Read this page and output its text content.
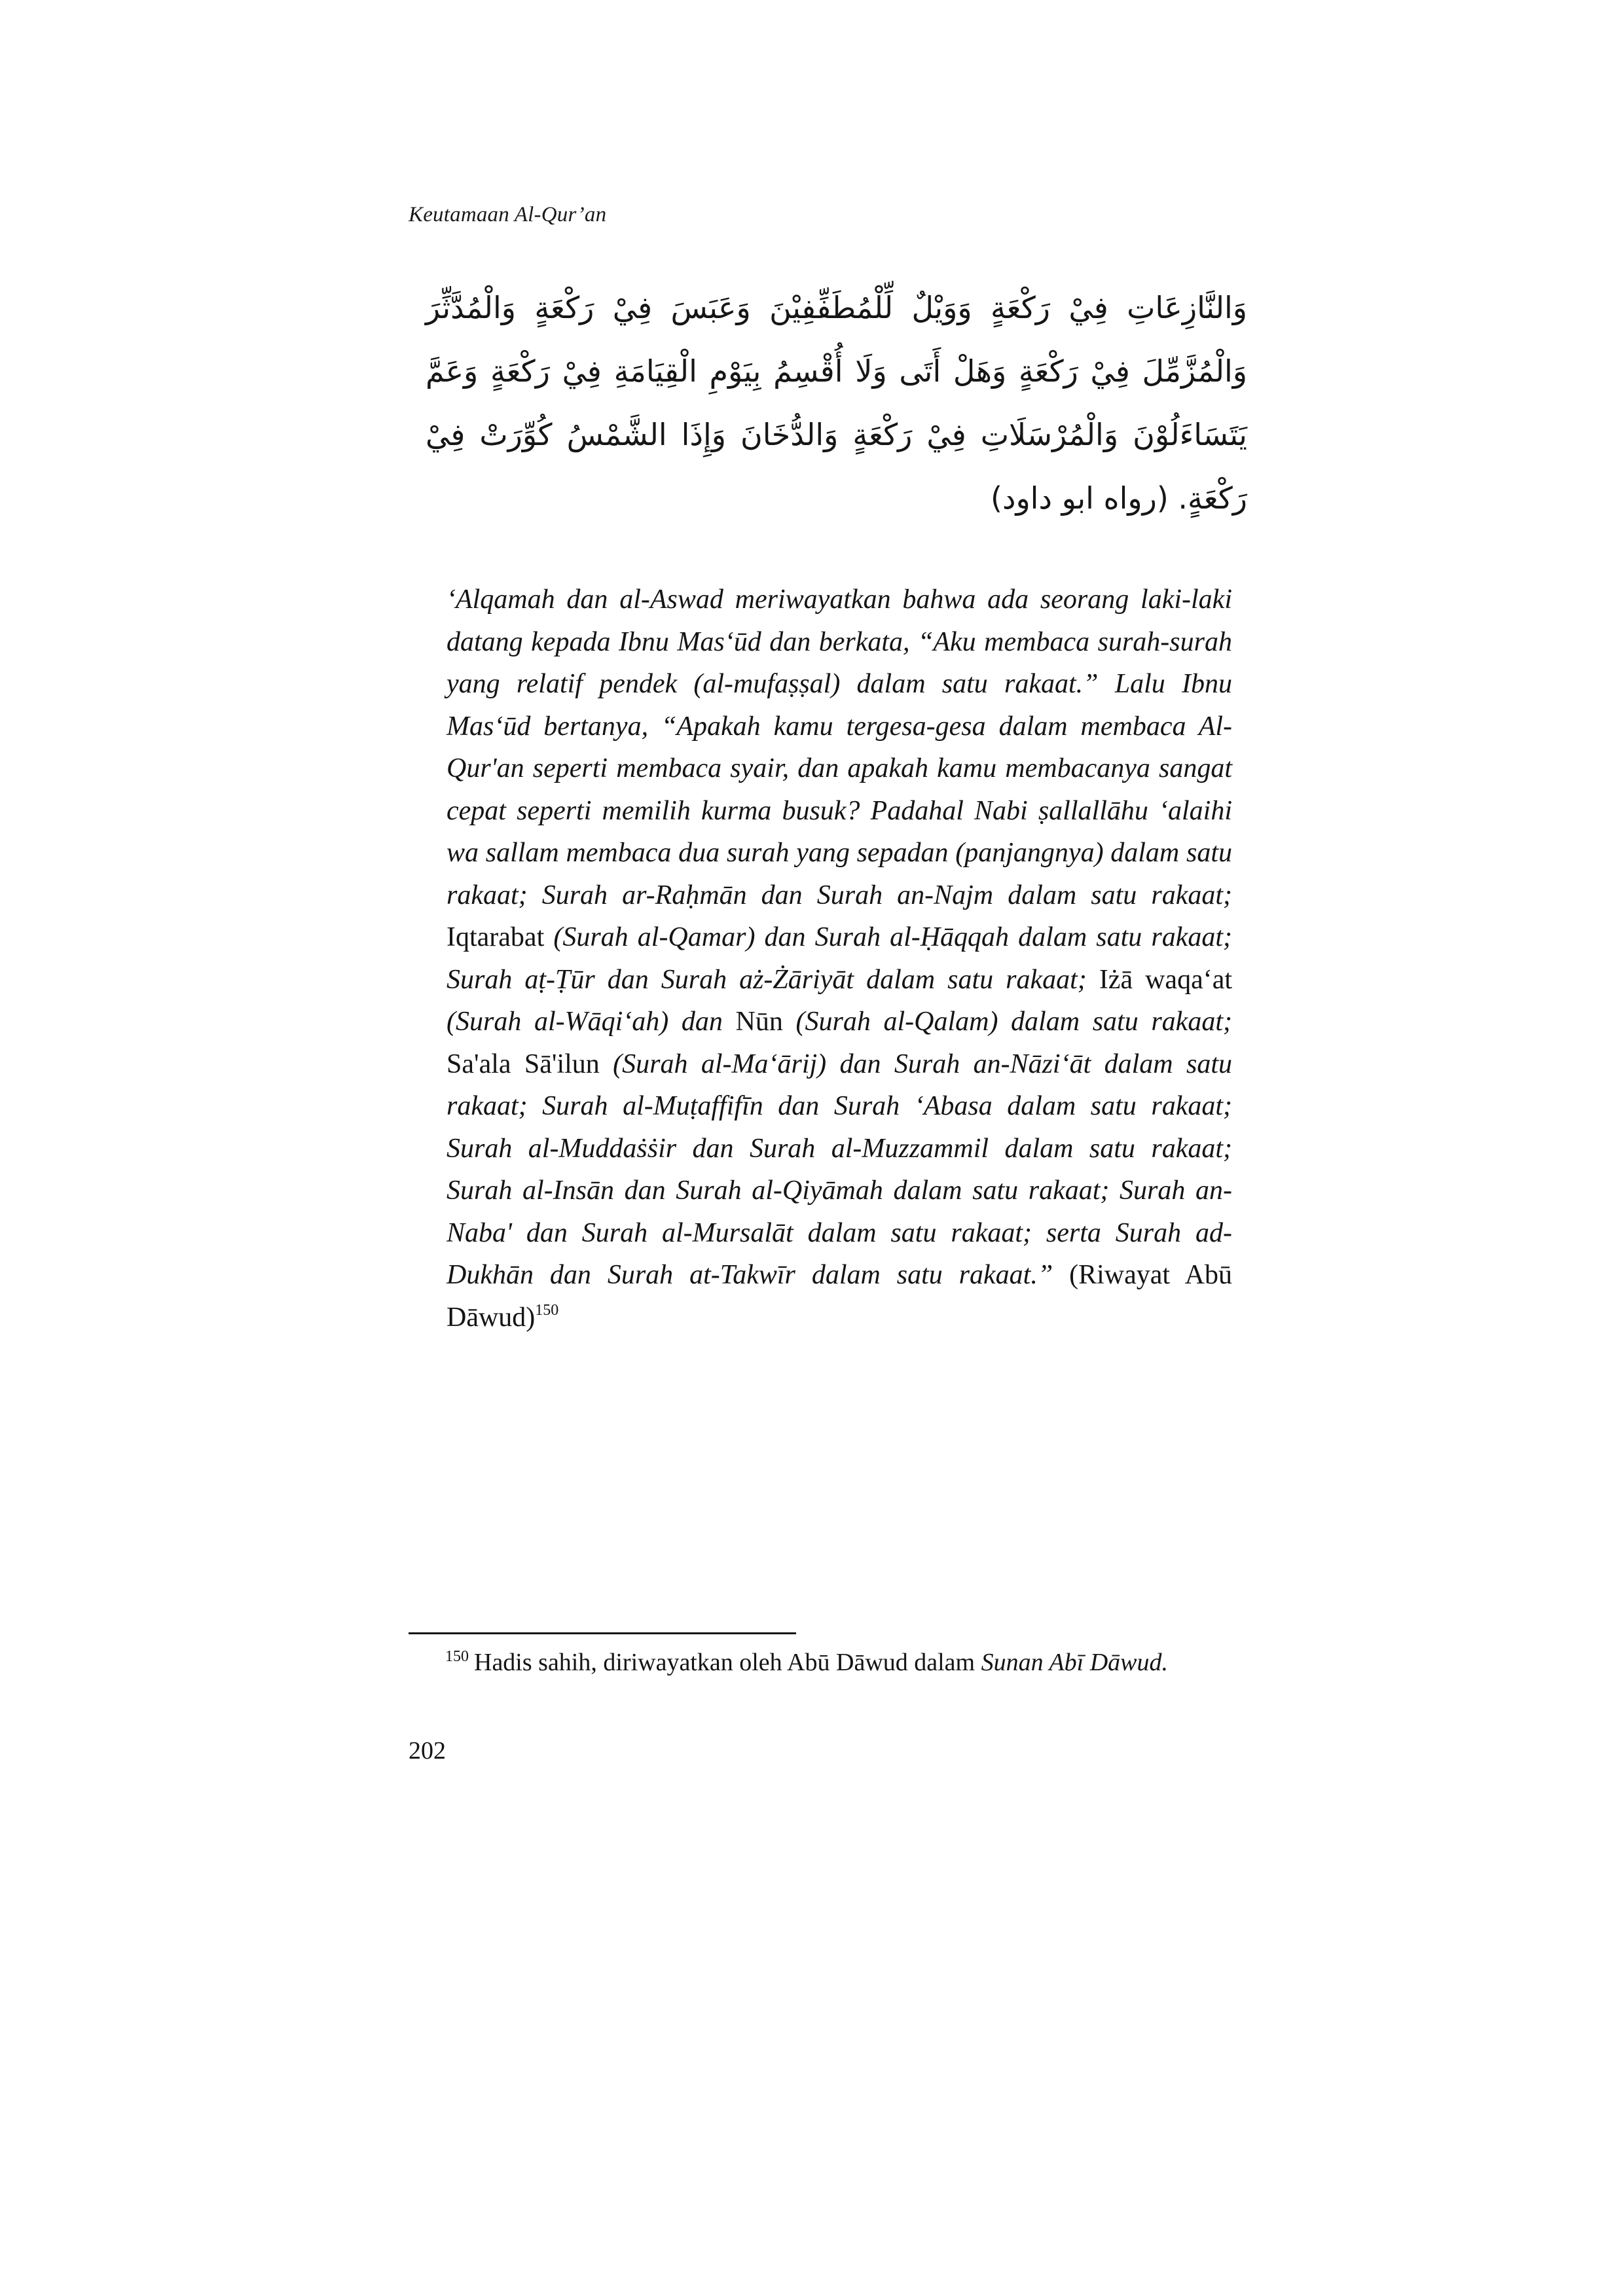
Keutamaan Al-Qur’an
وَالنَّازِعَاتِ فِيْ رَكْعَةٍ وَوَيْلٌ لِّلْمُطَفِّفِيْنَ وَعَبَسَ فِيْ رَكْعَةٍ وَالْمُدَّثِّرَ
وَالْمُزَّمِّلَ فِيْ رَكْعَةٍ وَهَلْ أَتَى وَلَا أُقْسِمُ بِيَوْمِ الْقِيَامَةِ فِيْ رَكْعَةٍ وَعَمَّ
يَتَسَاءَلُوْنَ وَالْمُرْسَلَاتِ فِيْ رَكْعَةٍ وَالدُّخَانَ وَإِذَا الشَّمْسُ كُوِّرَتْ فِيْ
رَكْعَةٍ. (رواه ابو داود)
‘Alqamah dan al-Aswad meriwayatkan bahwa ada seorang laki-laki datang kepada Ibnu Mas‘ūd dan berkata, “Aku membaca surah-surah yang relatif pendek (al-mufaṣṣal) dalam satu rakaat.” Lalu Ibnu Mas‘ūd bertanya, “Apakah kamu tergesa-gesa dalam membaca Al-Qur'an seperti membaca syair, dan apakah kamu membacanya sangat cepat seperti memilih kurma busuk? Padahal Nabi ṣallallāhu ‘alaihi wa sallam membaca dua surah yang sepadan (panjangnya) dalam satu rakaat; Surah ar-Raḥmān dan Surah an-Najm dalam satu rakaat; Iqtarabat (Surah al-Qamar) dan Surah al-Ḥāqqah dalam satu rakaat; Surah aṭ-Ṭūr dan Surah aż-Żāriyāt dalam satu rakaat; Iżā waqa‘at (Surah al-Wāqi‘ah) dan Nūn (Surah al-Qalam) dalam satu rakaat; Sa'ala Sā'ilun (Surah al-Ma‘ārij) dan Surah an-Nāzi‘āt dalam satu rakaat; Surah al-Muṭaffifīn dan Surah ‘Abasa dalam satu rakaat; Surah al-Muddaṡṡir dan Surah al-Muzzammil dalam satu rakaat; Surah al-Insān dan Surah al-Qiyāmah dalam satu rakaat; Surah an-Naba' dan Surah al-Mursalāt dalam satu rakaat; serta Surah ad-Dukhān dan Surah at-Takwīr dalam satu rakaat.” (Riwayat Abū Dāwud)$^{150}$
$^{150}$ Hadis sahih, diriwayatkan oleh Abū Dāwud dalam Sunan Abī Dāwud.
202
